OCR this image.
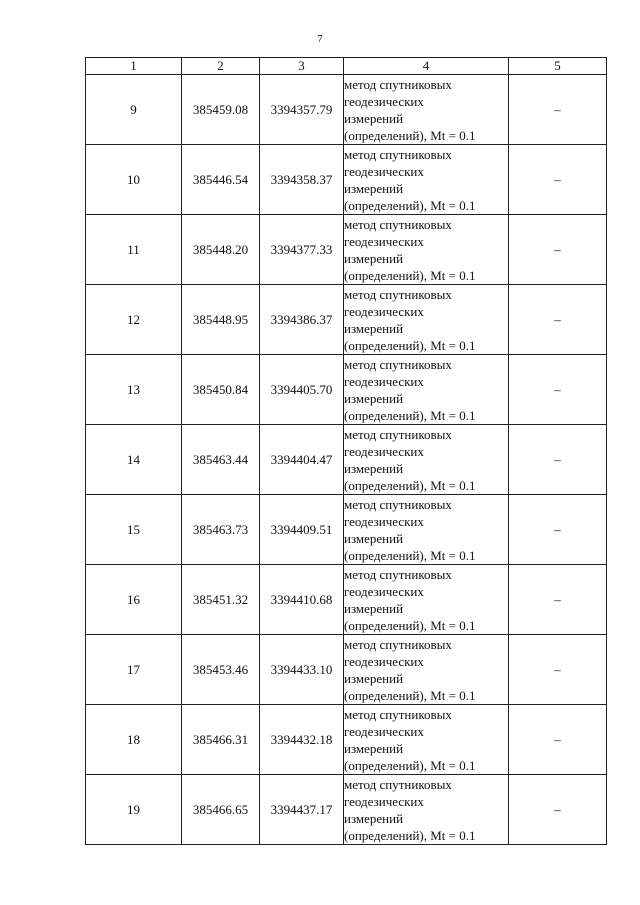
7
1	2	3	4	5
9	385459.08	3394357.79	метод спутниковых
геодезических
измерений
(определений), Mt = 0.1	–
10	385446.54	3394358.37	метод спутниковых
геодезических
измерений
(определений), Mt = 0.1	–
11	385448.20	3394377.33	метод спутниковых
геодезических
измерений
(определений), Mt = 0.1	–
12	385448.95	3394386.37	метод спутниковых
геодезических
измерений
(определений), Mt = 0.1	–
13	385450.84	3394405.70	метод спутниковых
геодезических
измерений
(определений), Mt = 0.1	–
14	385463.44	3394404.47	метод спутниковых
геодезических
измерений
(определений), Mt = 0.1	–
15	385463.73	3394409.51	метод спутниковых
геодезических
измерений
(определений), Mt = 0.1	–
16	385451.32	3394410.68	метод спутниковых
геодезических
измерений
(определений), Mt = 0.1	–
17	385453.46	3394433.10	метод спутниковых
геодезических
измерений
(определений), Mt = 0.1	–
18	385466.31	3394432.18	метод спутниковых
геодезических
измерений
(определений), Mt = 0.1	–
19	385466.65	3394437.17	метод спутниковых
геодезических
измерений
(определений), Mt = 0.1	–
